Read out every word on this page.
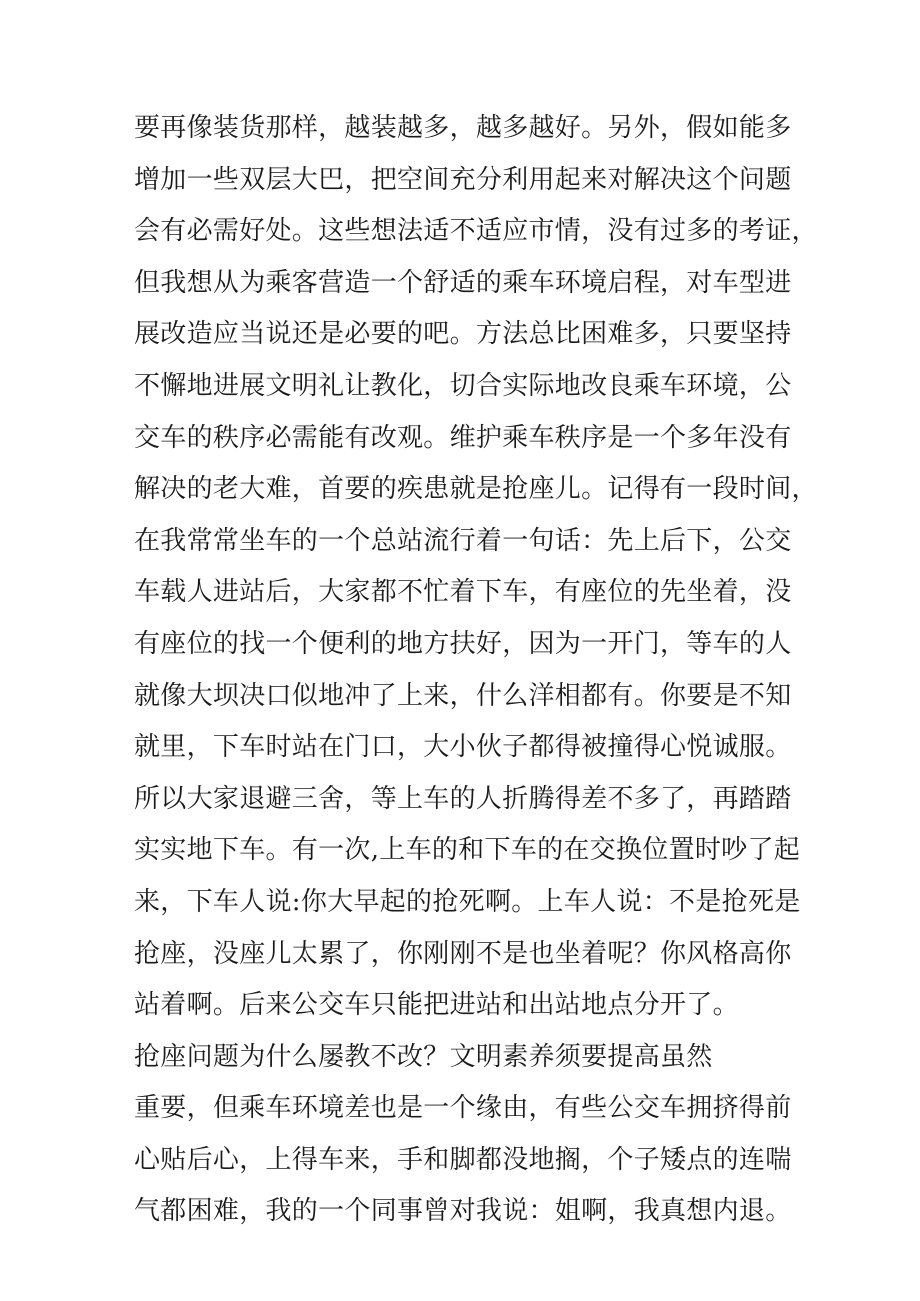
要再像装货那样，越装越多，越多越好。另外，假如能多
增加一些双层大巴，把空间充分利用起来对解决这个问题
会有必需好处。这些想法适不适应市情，没有过多的考证，
但我想从为乘客营造一个舒适的乘车环境启程，对车型进
展改造应当说还是必要的吧。方法总比困难多，只要坚持
不懈地进展文明礼让教化，切合实际地改良乘车环境，公
交车的秩序必需能有改观。维护乘车秩序是一个多年没有
解决的老大难，首要的疾患就是抢座儿。记得有一段时间，
在我常常坐车的一个总站流行着一句话：先上后下，公交
车载人进站后，大家都不忙着下车，有座位的先坐着，没
有座位的找一个便利的地方扶好，因为一开门，等车的人
就像大坝决口似地冲了上来，什么洋相都有。你要是不知
就里，下车时站在门口，大小伙子都得被撞得心悦诚服。
所以大家退避三舍，等上车的人折腾得差不多了，再踏踏
实实地下车。有一次,上车的和下车的在交换位置时吵了起
来，下车人说:你大早起的抢死啊。上车人说：不是抢死是
抢座，没座儿太累了，你刚刚不是也坐着呢？你风格高你
站着啊。后来公交车只能把进站和出站地点分开了。
抢座问题为什么屡教不改？文明素养须要提高虽然
重要，但乘车环境差也是一个缘由，有些公交车拥挤得前
心贴后心，上得车来，手和脚都没地搁，个子矮点的连喘
气都困难，我的一个同事曾对我说：姐啊，我真想内退。
